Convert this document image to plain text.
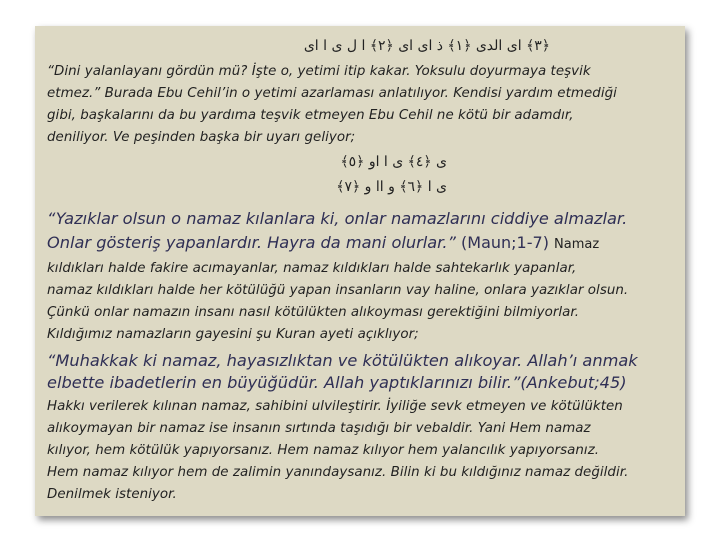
﴿٣﴾ ای الدی ﴿١﴾ ذ ای ای ﴿٢﴾ ا ل ی ا ای
“Dini yalanlayanı gördün mü? İşte o, yetimi itip kakar. Yoksulu doyurmaya teşvik
etmez.” Burada Ebu Cehil’in o yetimi azarlaması anlatılıyor. Kendisi yardım etmediği
gibi, başkalarını da bu yardıma teşvik etmeyen Ebu Cehil ne kötü bir adamdır,
deniliyor. Ve peşinden başka bir uyarı geliyor;
ی ﴿٤﴾ ی ا او ﴿٥﴾
ی ا ﴿٦﴾ و اا و ﴿٧﴾
“Yazıklar olsun o namaz kılanlara ki, onlar namazlarını ciddiye almazlar.
Onlar gösteriş yapanlardır. Hayra da mani olurlar.” (Maun;1-7) Namaz
kıldıkları halde fakire acımayanlar, namaz kıldıkları halde sahtekarlık yapanlar,
namaz kıldıkları halde her kötülüğü yapan insanların vay haline, onlara yazıklar olsun.
Çünkü onlar namazın insanı nasıl kötülükten alıkoyması gerektiğini bilmiyorlar.
Kıldığımız namazların gayesini şu Kuran ayeti açıklıyor;
“Muhakkak ki namaz, hayasızlıktan ve kötülükten alıkoyar. Allah’ı anmak
elbette ibadetlerin en büyüğüdür. Allah yaptıklarınızı bilir.”(Ankebut;45)
Hakkı verilerek kılınan namaz, sahibini ulvileştirir. İyiliğe sevk etmeyen ve kötülükten
alıkoymayan bir namaz ise insanın sırtında taşıdığı bir vebaldir. Yani Hem namaz
kılıyor, hem kötülük yapıyorsanız. Hem namaz kılıyor hem yalancılık yapıyorsanız.
Hem namaz kılıyor hem de zalimin yanındaysanız. Bilin ki bu kıldığınız namaz değildir.
Denilmek isteniyor.
